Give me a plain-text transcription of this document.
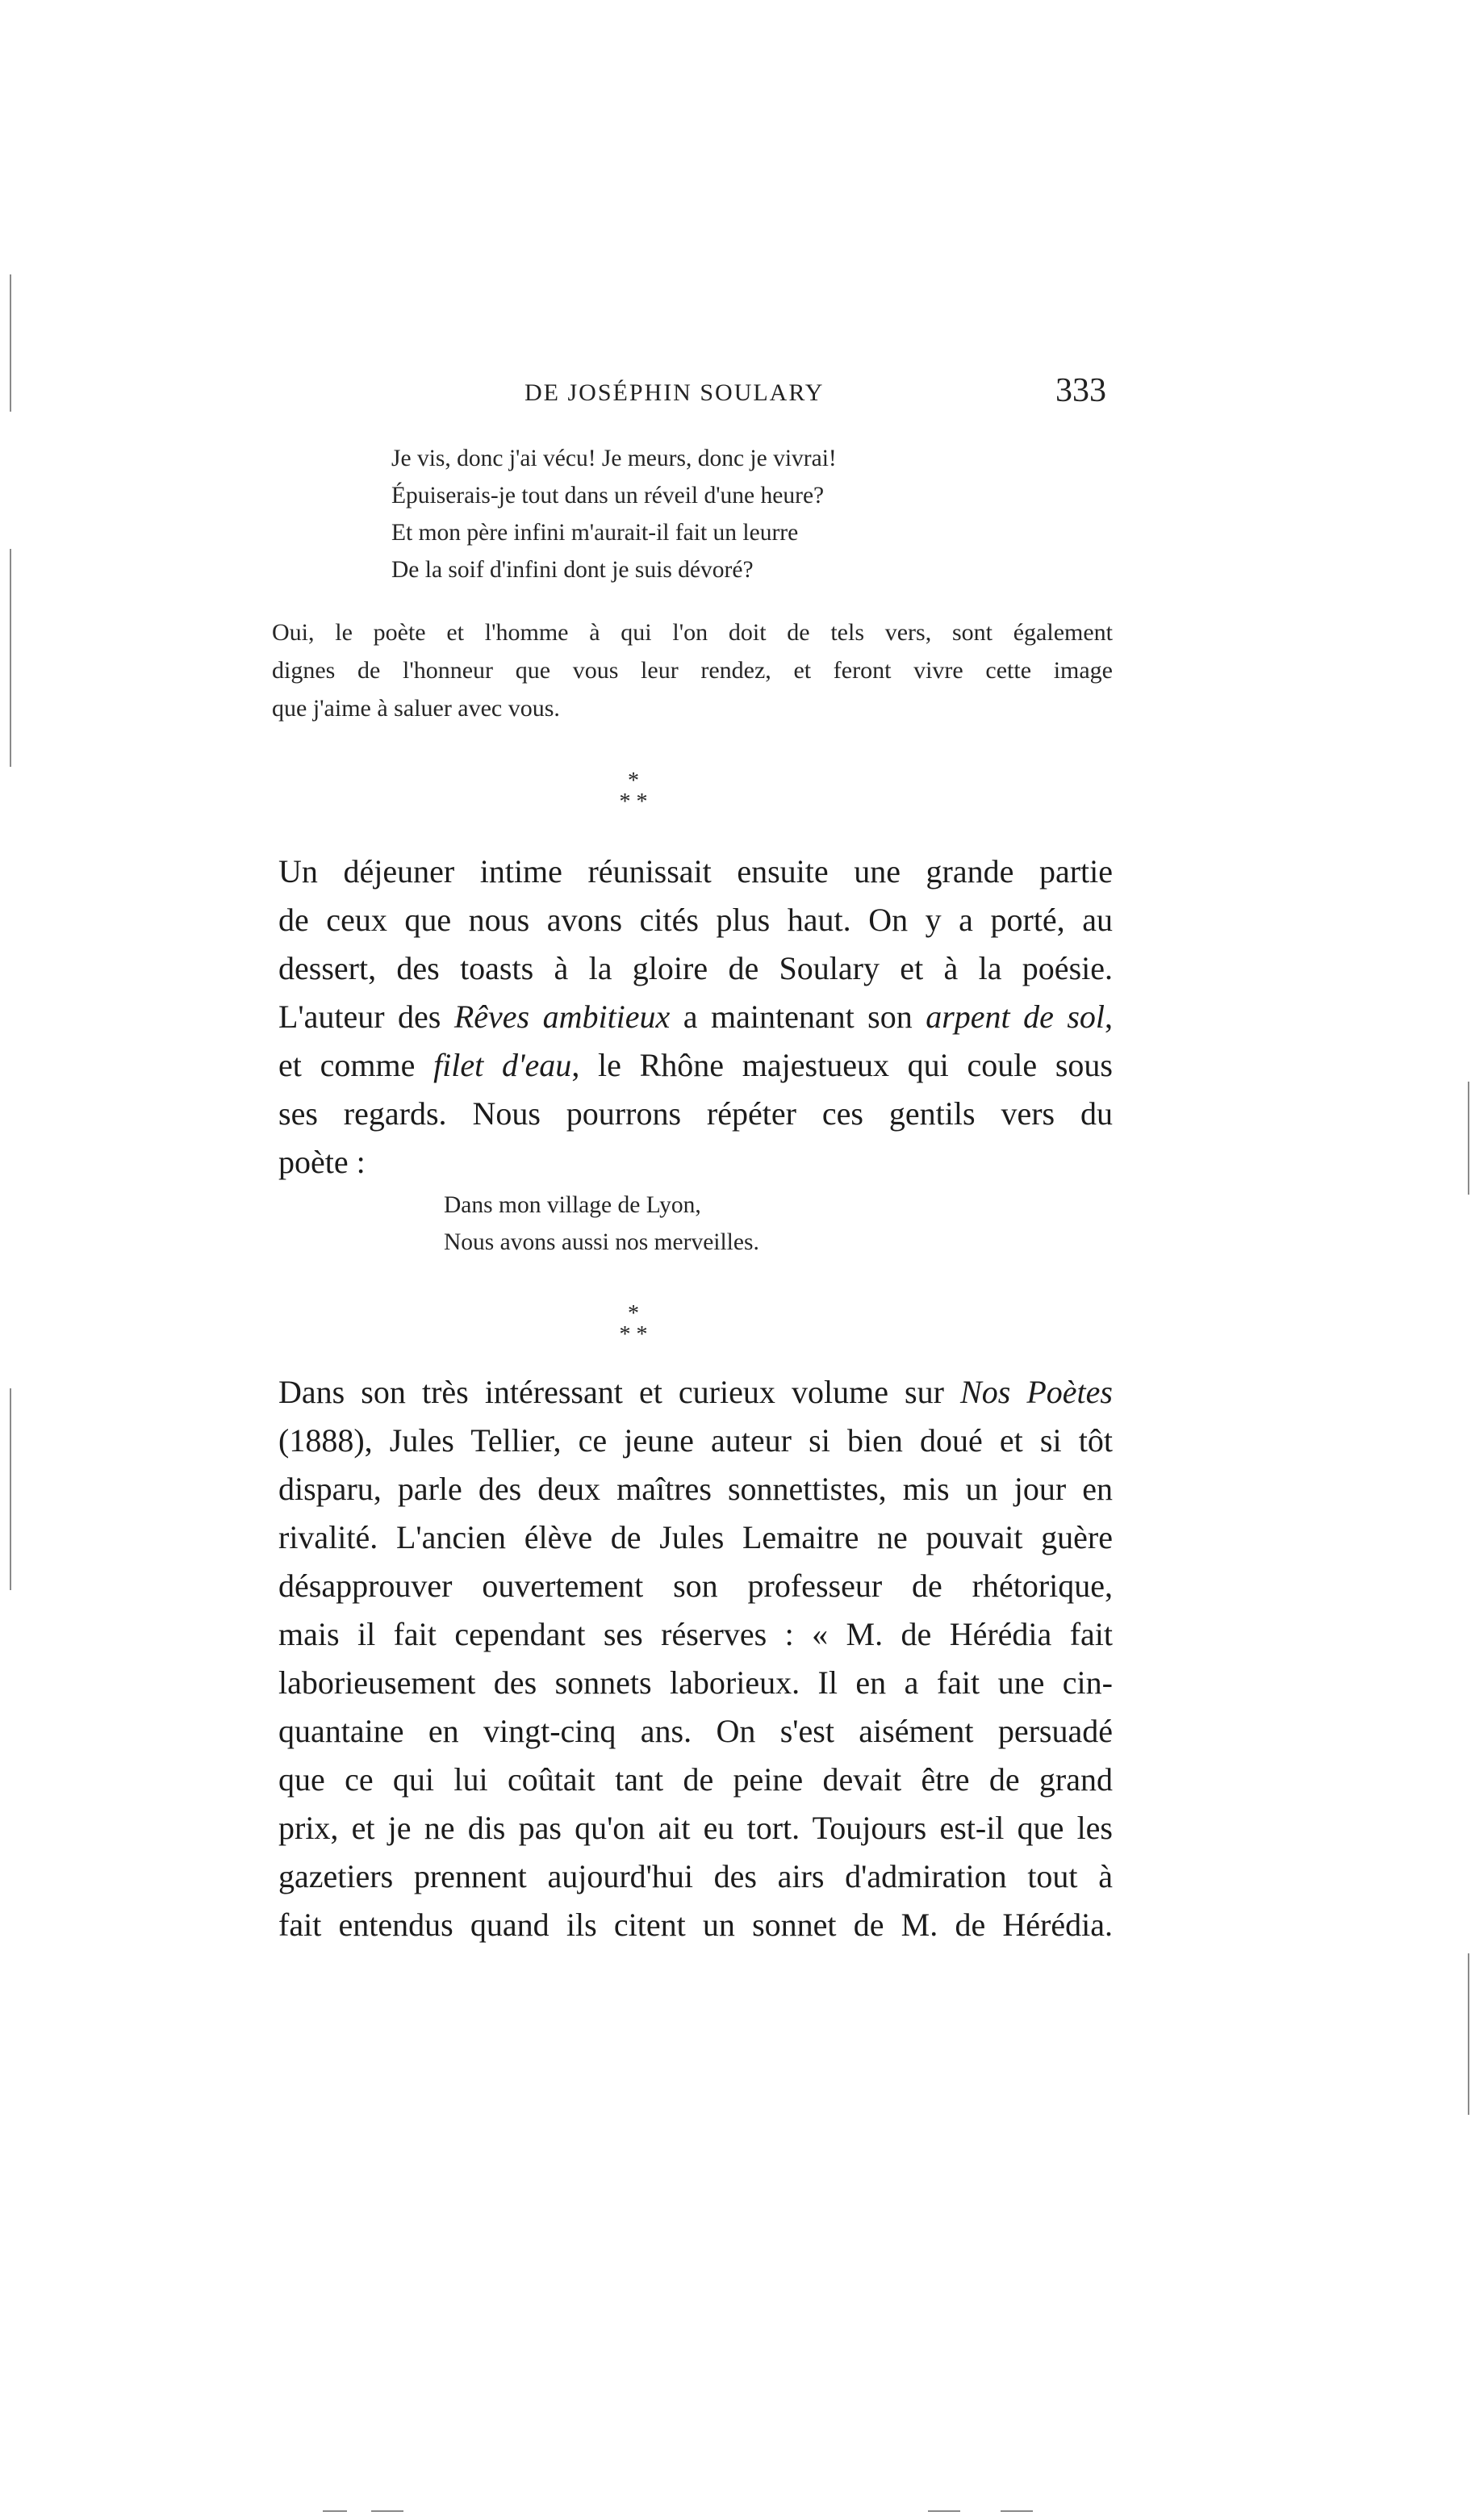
DE JOSÉPHIN SOULARY	333
Je vis, donc j'ai vécu! Je meurs, donc je vivrai!
Épuiserais-je tout dans un réveil d'une heure?
Et mon père infini m'aurait-il fait un leurre
De la soif d'infini dont je suis dévoré?
Oui, le poète et l'homme à qui l'on doit de tels vers, sont également
dignes de l'honneur que vous leur rendez, et feront vivre cette image
que j'aime à saluer avec vous.
*
* *
Un déjeuner intime réunissait ensuite une grande partie
de ceux que nous avons cités plus haut. On y a porté, au
dessert, des toasts à la gloire de Soulary et à la poésie.
L'auteur des Rêves ambitieux a maintenant son arpent de sol,
et comme filet d'eau, le Rhône majestueux qui coule sous
ses regards. Nous pourrons répéter ces gentils vers du
poète :
Dans mon village de Lyon,
Nous avons aussi nos merveilles.
*
* *
Dans son très intéressant et curieux volume sur Nos Poètes
(1888), Jules Tellier, ce jeune auteur si bien doué et si tôt
disparu, parle des deux maîtres sonnettistes, mis un jour en
rivalité. L'ancien élève de Jules Lemaitre ne pouvait guère
désapprouver ouvertement son professeur de rhétorique,
mais il fait cependant ses réserves : « M. de Hérédia fait
laborieusement des sonnets laborieux. Il en a fait une cin-
quantaine en vingt-cinq ans. On s'est aisément persuadé
que ce qui lui coûtait tant de peine devait être de grand
prix, et je ne dis pas qu'on ait eu tort. Toujours est-il que les
gazetiers prennent aujourd'hui des airs d'admiration tout à
fait entendus quand ils citent un sonnet de M. de Hérédia.
